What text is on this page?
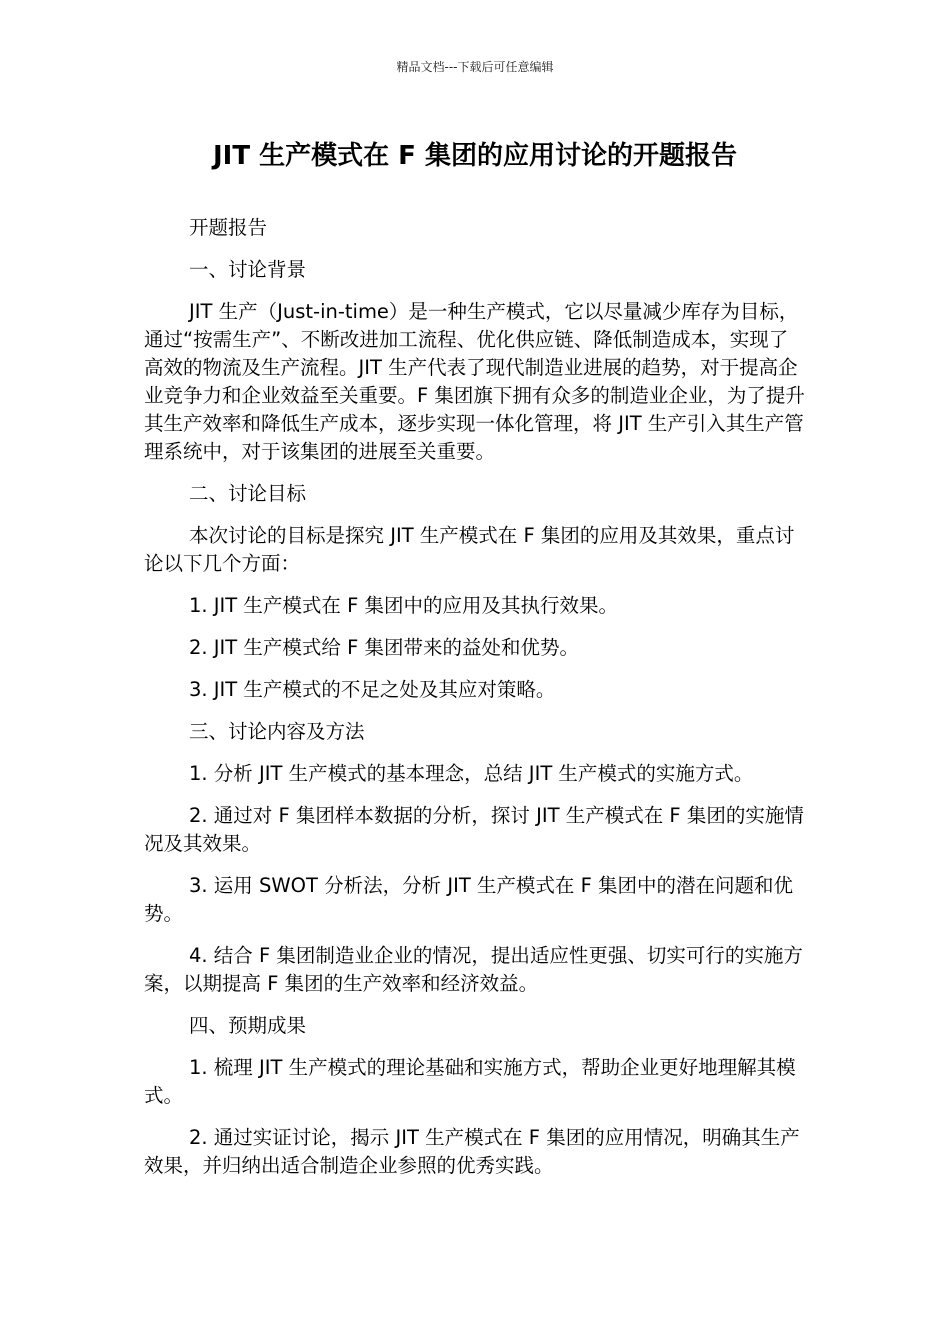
精品文档---下载后可任意编辑
JIT 生产模式在 F 集团的应用讨论的开题报告

开题报告

一、讨论背景

JIT 生产（Just-in-time）是一种生产模式，它以尽量减少库存为目标，通过“按需生产”、不断改进加工流程、优化供应链、降低制造成本，实现了高效的物流及生产流程。JIT 生产代表了现代制造业进展的趋势，对于提高企业竞争力和企业效益至关重要。F 集团旗下拥有众多的制造业企业，为了提升其生产效率和降低生产成本，逐步实现一体化管理，将 JIT 生产引入其生产管理系统中，对于该集团的进展至关重要。

二、讨论目标

本次讨论的目标是探究 JIT 生产模式在 F 集团的应用及其效果，重点讨论以下几个方面：

1. JIT 生产模式在 F 集团中的应用及其执行效果。

2. JIT 生产模式给 F 集团带来的益处和优势。

3. JIT 生产模式的不足之处及其应对策略。

三、讨论内容及方法

1. 分析 JIT 生产模式的基本理念，总结 JIT 生产模式的实施方式。

2. 通过对 F 集团样本数据的分析，探讨 JIT 生产模式在 F 集团的实施情况及其效果。

3. 运用 SWOT 分析法，分析 JIT 生产模式在 F 集团中的潜在问题和优势。

4. 结合 F 集团制造业企业的情况，提出适应性更强、切实可行的实施方案，以期提高 F 集团的生产效率和经济效益。

四、预期成果

1. 梳理 JIT 生产模式的理论基础和实施方式，帮助企业更好地理解其模式。

2. 通过实证讨论，揭示 JIT 生产模式在 F 集团的应用情况，明确其生产效果，并归纳出适合制造企业参照的优秀实践。
